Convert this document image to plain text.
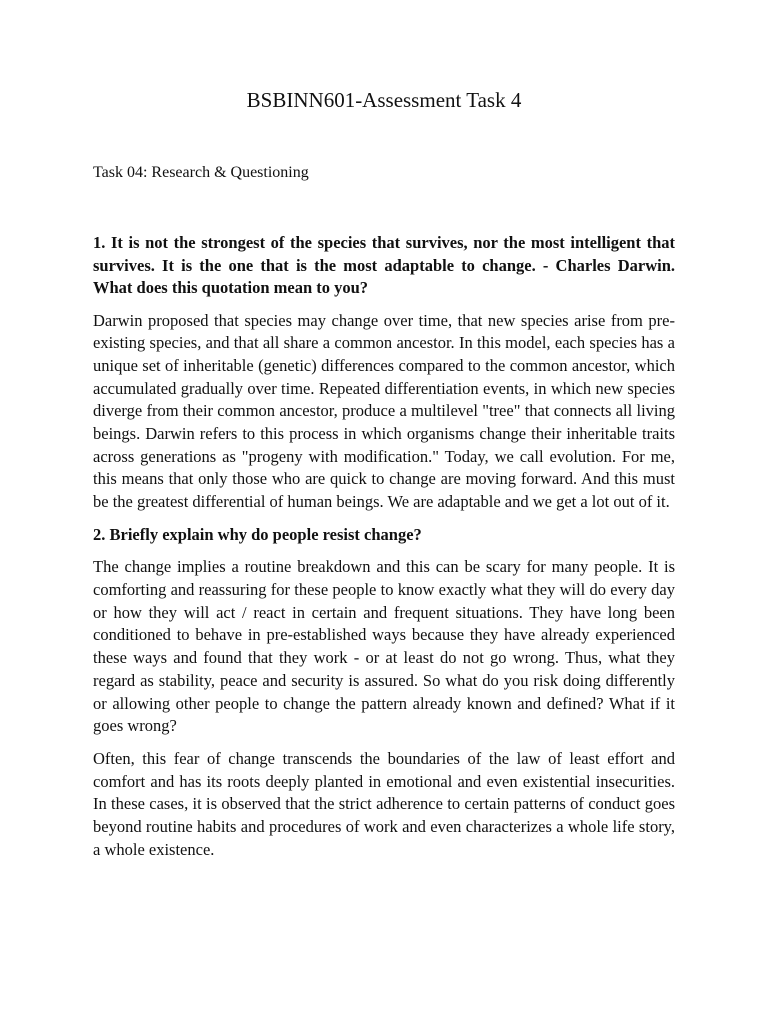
BSBINN601-Assessment Task 4

Task 04: Research & Questioning

1. It is not the strongest of the species that survives, nor the most intelligent that survives. It is the one that is the most adaptable to change. - Charles Darwin. What does this quotation mean to you?

Darwin proposed that species may change over time, that new species arise from pre-existing species, and that all share a common ancestor. In this model, each species has a unique set of inheritable (genetic) differences compared to the common ancestor, which accumulated gradually over time. Repeated differentiation events, in which new species diverge from their common ancestor, produce a multilevel "tree" that connects all living beings. Darwin refers to this process in which organisms change their inheritable traits across generations as "progeny with modification." Today, we call evolution. For me, this means that only those who are quick to change are moving forward. And this must be the greatest differential of human beings. We are adaptable and we get a lot out of it.

2. Briefly explain why do people resist change?

The change implies a routine breakdown and this can be scary for many people. It is comforting and reassuring for these people to know exactly what they will do every day or how they will act / react in certain and frequent situations. They have long been conditioned to behave in pre-established ways because they have already experienced these ways and found that they work - or at least do not go wrong. Thus, what they regard as stability, peace and security is assured. So what do you risk doing differently or allowing other people to change the pattern already known and defined? What if it goes wrong?

Often, this fear of change transcends the boundaries of the law of least effort and comfort and has its roots deeply planted in emotional and even existential insecurities. In these cases, it is observed that the strict adherence to certain patterns of conduct goes beyond routine habits and procedures of work and even characterizes a whole life story, a whole existence.
